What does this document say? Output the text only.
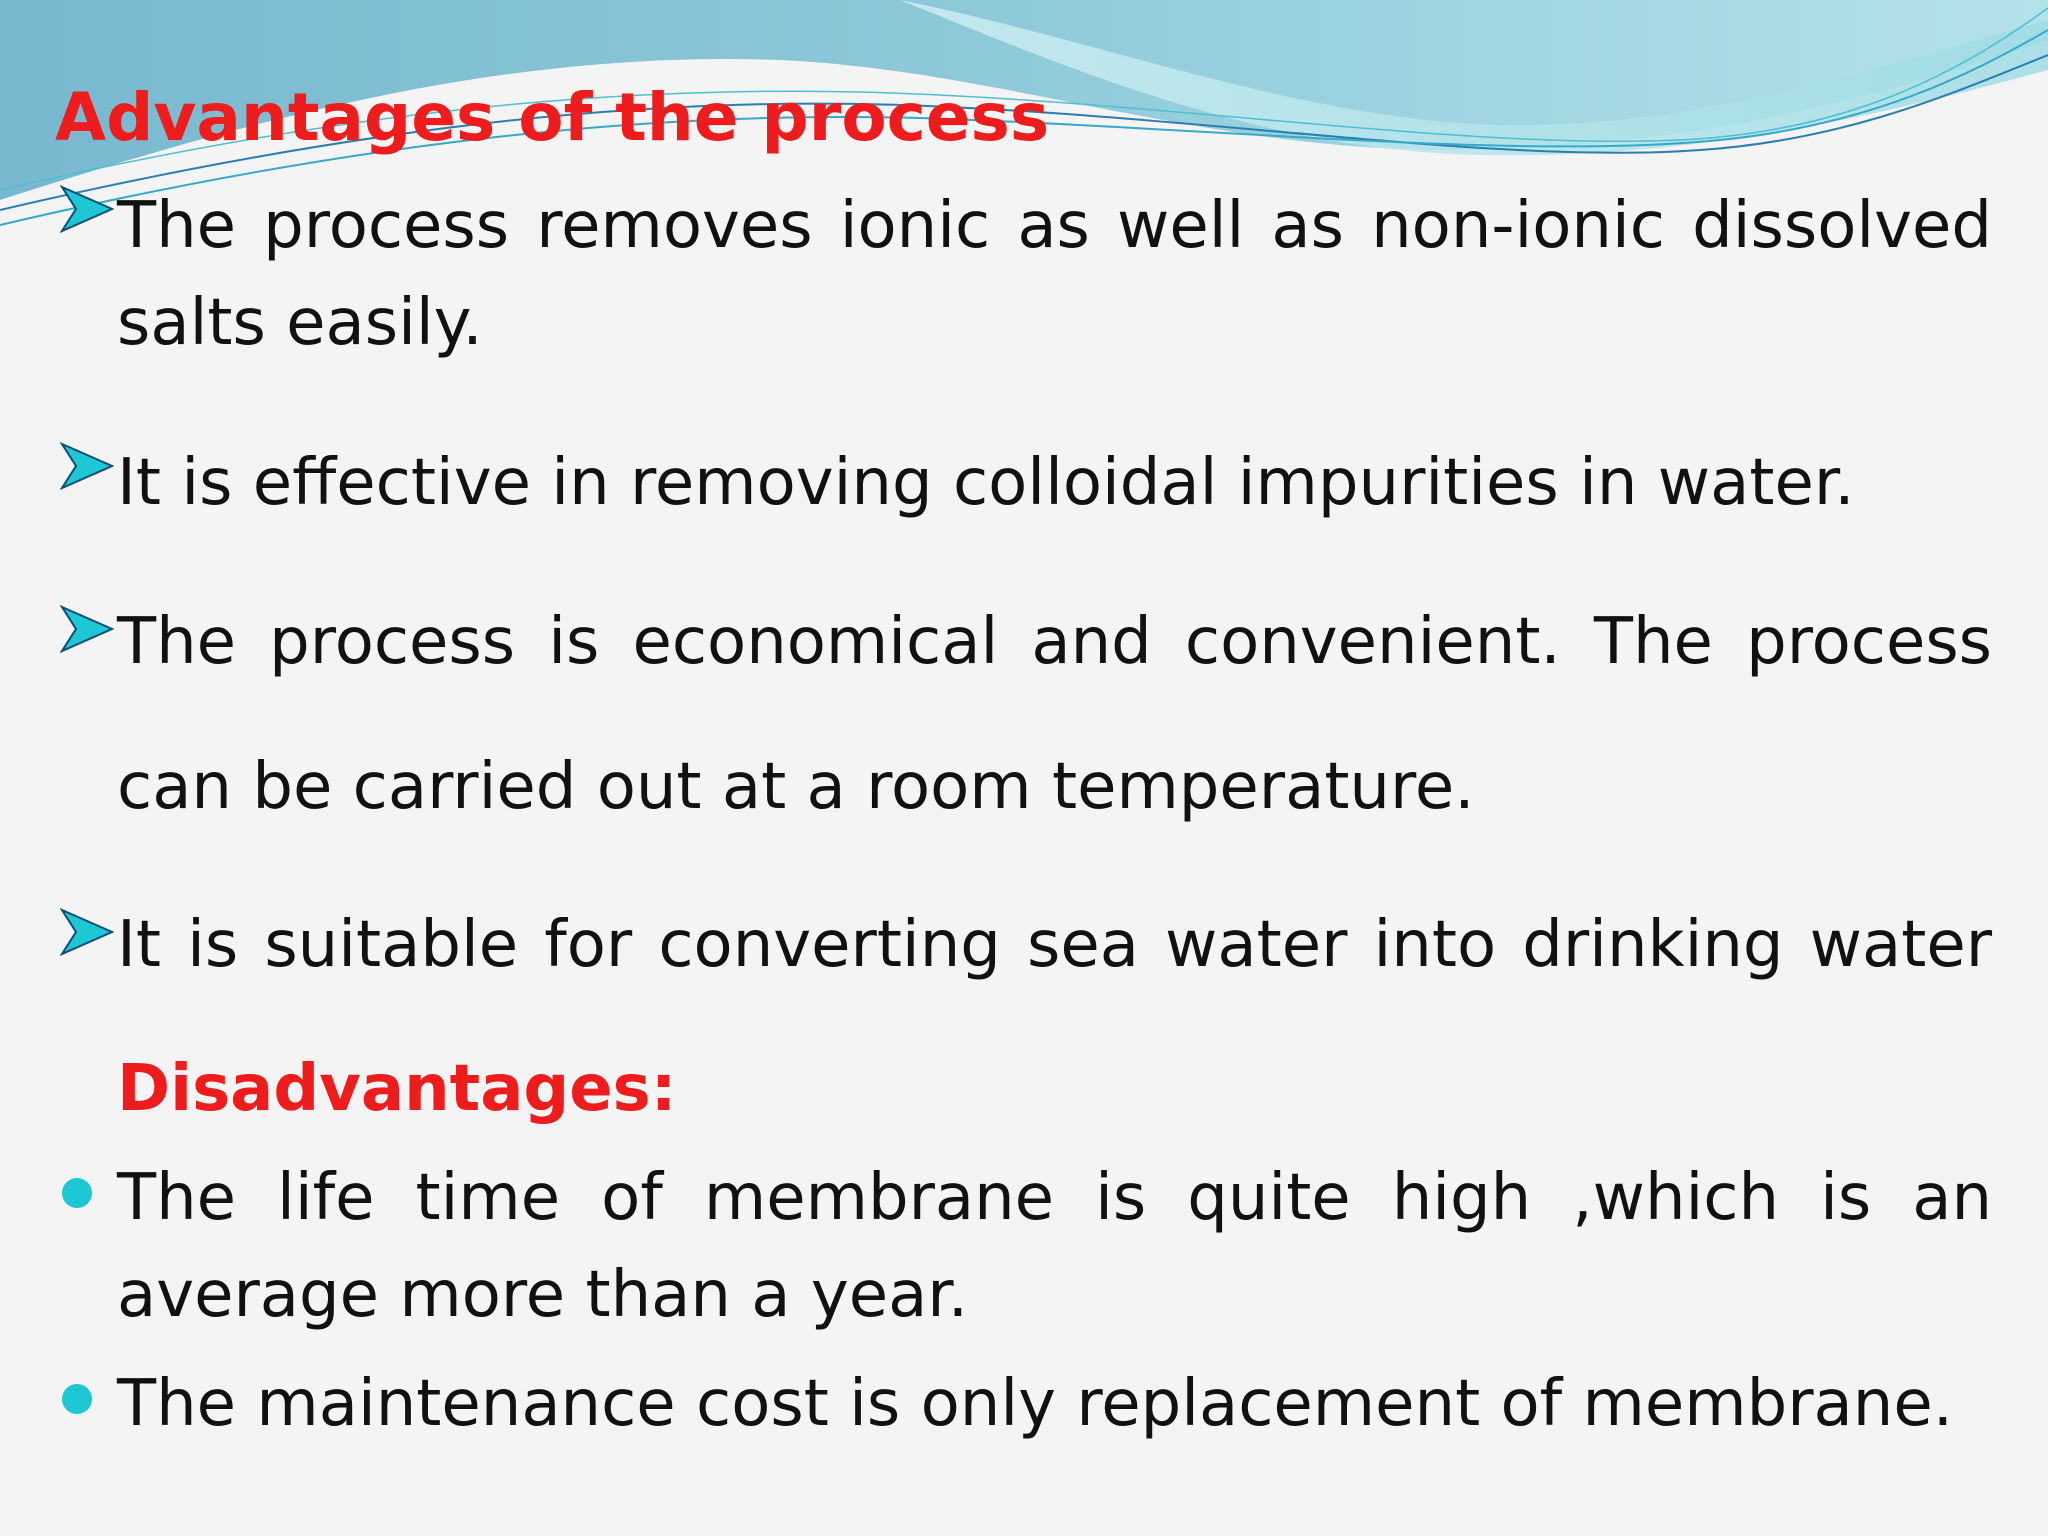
Advantages of the process

The process removes ionic as well as non-ionic dissolved salts easily.

It is effective in removing colloidal impurities in water.

The process is economical and convenient. The process can be carried out at a room temperature.

It is suitable for converting sea water into drinking water

Disadvantages:

The life time of membrane is quite high ,which is an average more than a year.

The maintenance cost is only replacement of membrane.
